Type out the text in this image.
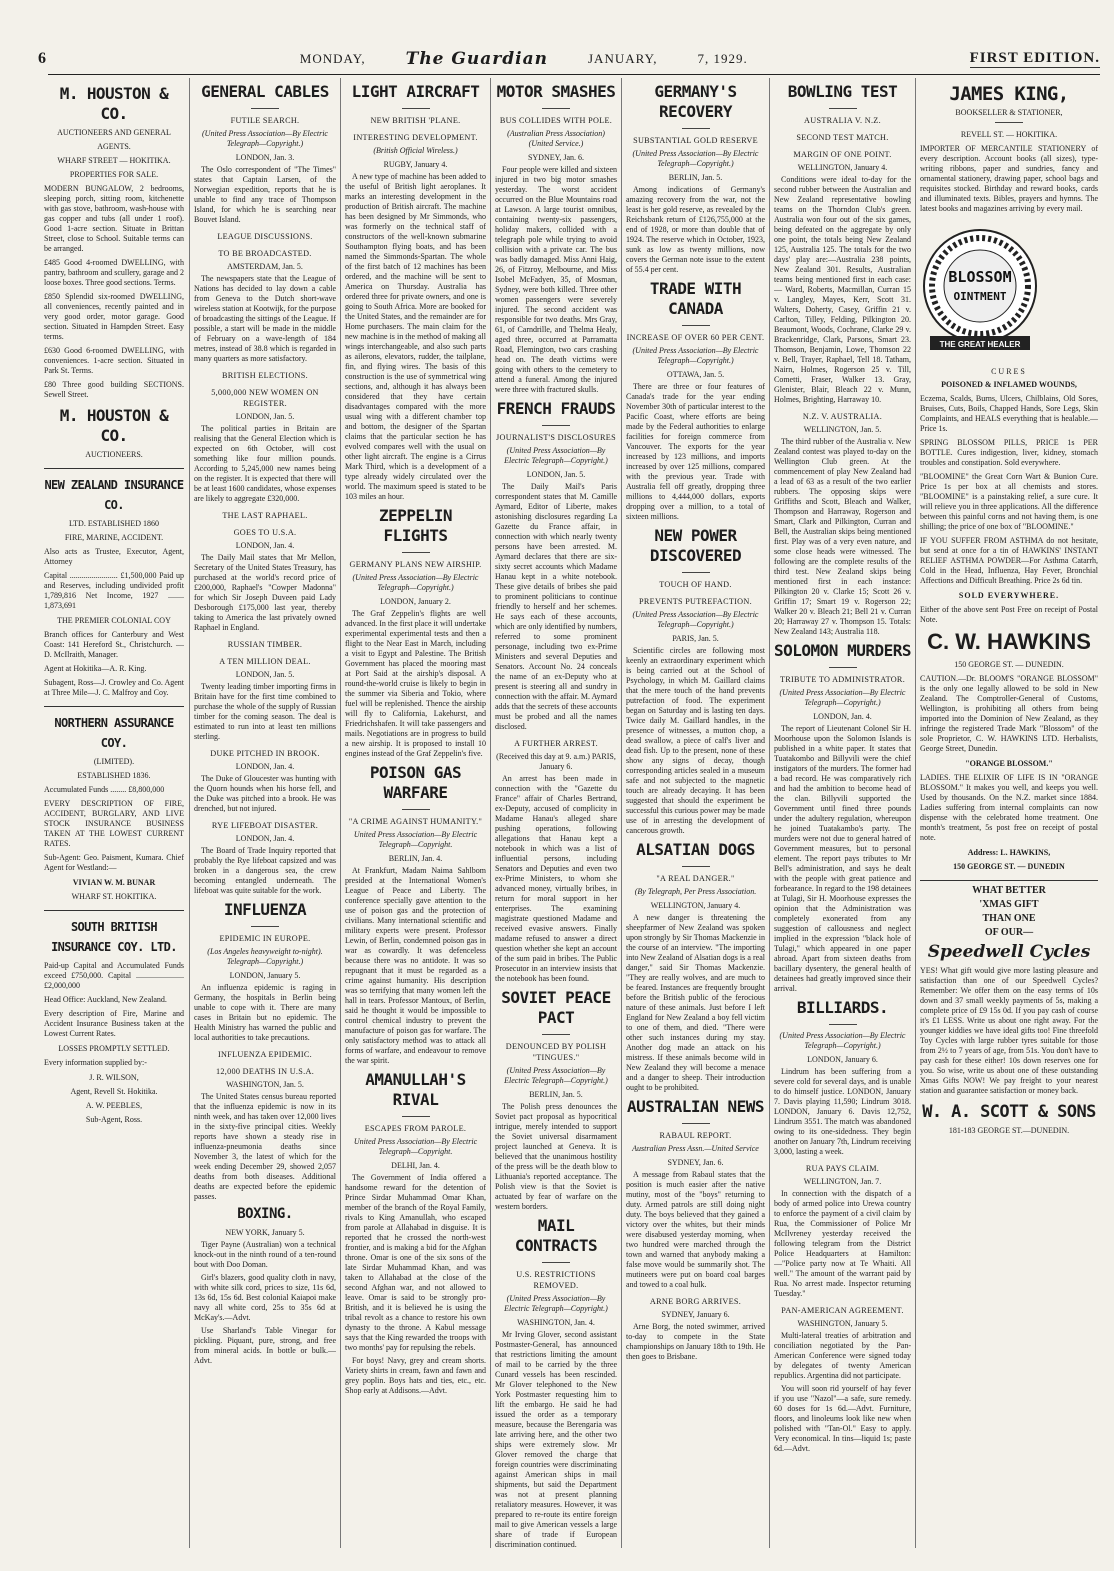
6	MONDAY, The Guardian	JANUARY,	7, 1929.	FIRST EDITION.
M. HOUSTON & CO.
AUCTIONEERS AND GENERAL
AGENTS.
WHARF STREET — HOKITIKA.
PROPERTIES FOR SALE.

MODERN BUNGALOW, 2 bedrooms, sleeping porch, sitting room, kitchenette with gas stove, bathroom, wash-house with gas copper and tubs (all under 1 roof). Good 1-acre section. Situate in Brittan Street, close to School. Suitable terms can be arranged.

£485 Good 4-roomed DWELLING, with pantry, bathroom and scullery, garage and 2 loose boxes. Three good sections. Terms.

£850 Splendid six-roomed DWELLING, all conveniences, recently painted and in very good order, motor garage. Good section. Situated in Hampden Street. Easy terms.

£630 Good 6-roomed DWELLING, with conveniences. 1-acre section. Situated in Park St. Terms.

£80 Three good building SECTIONS. Sewell Street.

M. HOUSTON & CO.
AUCTIONEERS.
NEW ZEALAND INSURANCE CO.
LTD. ESTABLISHED 1860
FIRE, MARINE, ACCIDENT.

Also acts as Trustee, Executor, Agent, Attorney

Capital ........................ £1,500,000 Paid up and Reserves, including undivided profit 1,789,816 Net Income, 1927 ........ 1,873,691

THE PREMIER COLONIAL COY

Branch offices for Canterbury and West Coast: 141 Hereford St., Christchurch. — D. McIlraith, Manager.

Agent at Hokitika—A. R. King.

Subagent, Ross—J. Crowley and Co. Agent at Three Mile—J. C. Malfroy and Coy.

NORTHERN ASSURANCE COY.
(LIMITED).
ESTABLISHED 1836.

Accumulated Funds ........ £8,800,000

EVERY DESCRIPTION OF FIRE, ACCIDENT, BURGLARY, AND LIVE STOCK INSURANCE BUSINESS TAKEN AT THE LOWEST CURRENT RATES.

Sub-Agent: Geo. Paisment, Kumara. Chief Agent for Westland:—

VIVIAN W. M. BUNAR
WHARF ST. HOKITIKA.
SOUTH BRITISH INSURANCE COY. LTD.

Paid-up Capital and Accumulated Funds exceed £750,000. Capital ........................ £2,000,000

Head Office: Auckland, New Zealand.

Every description of Fire, Marine and Accident Insurance Business taken at the Lowest Current Rates.

LOSSES PROMPTLY SETTLED.

Every information supplied by:-

J. R. WILSON,
Agent, Revell St. Hokitika.
A. W. PEEBLES,
Sub-Agent, Ross.
GENERAL CABLES
FUTILE SEARCH.
(United Press Association—By Electric Telegraph—Copyright.)
LONDON, Jan. 3.

The Oslo correspondent of "The Times" states that Captain Larsen, of the Norwegian expedition, reports that he is unable to find any trace of Thompson Island, for which he is searching near Bouvet Island.

LEAGUE DISCUSSIONS.
TO BE BROADCASTED.
AMSTERDAM, Jan. 5.

The newspapers state that the League of Nations has decided to lay down a cable from Geneva to the Dutch short-wave wireless station at Kootwijk, for the purpose of broadcasting the sittings of the League. If possible, a start will be made in the middle of February on a wave-length of 184 metres, instead of 38.8 which is regarded in many quarters as more satisfactory.

BRITISH ELECTIONS.
5,000,000 NEW WOMEN ON REGISTER.
LONDON, Jan. 5.

The political parties in Britain are realising that the General Election which is expected on 6th October, will cost something like four million pounds. According to 5,245,000 new names being on the register. It is expected that there will be at least 1600 candidates, whose expenses are likely to aggregate £320,000.

THE LAST RAPHAEL.
GOES TO U.S.A.
LONDON, Jan. 4.

The Daily Mail states that Mr Mellon, Secretary of the United States Treasury, has purchased at the world's record price of £200,000, Raphael's "Cowper Madonna" for which Sir Joseph Duveen paid Lady Desborough £175,000 last year, thereby taking to America the last privately owned Raphael in England.

RUSSIAN TIMBER.
A TEN MILLION DEAL.
LONDON, Jan. 5.

Twenty leading timber importing firms in Britain have for the first time combined to purchase the whole of the supply of Russian timber for the coming season. The deal is estimated to run into at least ten millions sterling.

DUKE PITCHED IN BROOK.
LONDON, Jan. 4.

The Duke of Gloucester was hunting with the Quorn hounds when his horse fell, and the Duke was pitched into a brook. He was drenched, but not injured.

RYE LIFEBOAT DISASTER.
LONDON, Jan. 4.

The Board of Trade Inquiry reported that probably the Rye lifeboat capsized and was broken in a dangerous sea, the crew becoming entangled underneath. The lifeboat was quite suitable for the work.

INFLUENZA
EPIDEMIC IN EUROPE.
(Los Angeles heavyweight to-night). Telegraph—Copyright.)
LONDON, January 5.

An influenza epidemic is raging in Germany, the hospitals in Berlin being unable to cope with it. There are many cases in Britain but no epidemic. The Health Ministry has warned the public and local authorities to take precautions.

INFLUENZA EPIDEMIC.
12,000 DEATHS IN U.S.A.
WASHINGTON, Jan. 5.

The United States census bureau reported that the influenza epidemic is now in its ninth week, and has taken over 12,000 lives in the sixty-five principal cities. Weekly reports have shown a steady rise in influenza-pneumonia deaths since November 3, the latest of which for the week ending December 29, showed 2,057 deaths from both diseases. Additional deaths are expected before the epidemic passes.

BOXING.
NEW YORK, January 5.

Tiger Payne (Australian) won a technical knock-out in the ninth round of a ten-round bout with Doo Doman.

Girl's blazers, good quality cloth in navy, with white silk cord, prices to size, 11s 6d, 13s 6d, 15s 6d. Best colonial Kaiapoi make navy all white cord, 25s to 35s 6d at McKay's.—Advt.

Use Sharland's Table Vinegar for pickling. Piquant, pure, strong, and free from mineral acids. In bottle or bulk.—Advt.

LIGHT AIRCRAFT
NEW BRITISH 'PLANE.
INTERESTING DEVELOPMENT.
(British Official Wireless.)
RUGBY, January 4.

A new type of machine has been added to the useful of British light aeroplanes. It marks an interesting development in the production of British aircraft. The machine has been designed by Mr Simmonds, who was formerly on the technical staff of constructors of the well-known submarine Southampton flying boats, and has been named the Simmonds-Spartan. The whole of the first batch of 12 machines has been ordered, and the machine will be sent to America on Thursday. Australia has ordered three for private owners, and one is going to South Africa. More are booked for the United States, and the remainder are for Home purchasers. The main claim for the new machine is in the method of making all wings interchangeable, and also such parts as ailerons, elevators, rudder, the tailplane, fin, and flying wires. The basis of this construction is the use of symmetrical wing sections, and, although it has always been considered that they have certain disadvantages compared with the more usual wing with a different chamber top and bottom, the designer of the Spartan claims that the particular section he has evolved compares well with the usual on other light aircraft. The engine is a Cirrus Mark Third, which is a development of a type already widely circulated over the world. The maximum speed is stated to be 103 miles an hour.

ZEPPELIN FLIGHTS
GERMANY PLANS NEW AIRSHIP.
(United Press Association—By Electric Telegraph—Copyright.)
LONDON, January 2.

The Graf Zeppelin's flights are well advanced. In the first place it will undertake experimental experimental tests and then a flight to the Near East in March, including a visit to Egypt and Palestine. The British Government has placed the mooring mast at Port Said at the airship's disposal. A round-the-world cruise is likely to begin in the summer via Siberia and Tokio, where fuel will be replenished. Thence the airship will fly to California, Lakehurst, and Friedrichshafen. It will take passengers and mails. Negotiations are in progress to build a new airship. It is proposed to install 10 engines instead of the Graf Zeppelin's five.

POISON GAS WARFARE
"A CRIME AGAINST HUMANITY."
United Press Association—By Electric Telegraph—Copyright.
BERLIN, Jan. 4.

At Frankfurt, Madam Naima Sahlbom presided at the International Women's League of Peace and Liberty. The conference specially gave attention to the use of poison gas and the protection of civilians. Many international scientific and military experts were present. Professor Lewin, of Berlin, condemned poison gas in war as cowardly. It was defenceless because there was no antidote. It was so repugnant that it must be regarded as a crime against humanity. His description was so terrifying that many women left the hall in tears. Professor Mantoux, of Berlin, said he thought it would be impossible to control chemical industry to prevent the manufacture of poison gas for warfare. The only satisfactory method was to attack all forms of warfare, and endeavour to remove the war spirit.

AMANULLAH'S RIVAL
ESCAPES FROM PAROLE.
United Press Association—By Electric Telegraph—Copyright.
DELHI, Jan. 4.

The Government of India offered a handsome reward for the detention of Prince Sirdar Muhammad Omar Khan, member of the branch of the Royal Family, rivals to King Amanullah, who escaped from parole at Allahabad in disguise. It is reported that he crossed the north-west frontier, and is making a bid for the Afghan throne. Omar is one of the six sons of the late Sirdar Muhammad Khan, and was taken to Allahabad at the close of the second Afghan war, and not allowed to leave. Omar is said to be strongly pro-British, and it is believed he is using the tribal revolt as a chance to restore his own dynasty to the throne. A Kabul message says that the King rewarded the troops with two months' pay for repulsing the rebels.

For boys! Navy, grey and cream shorts. Variety shirts in cream, fawn and fawn and grey poplin. Boys hats and ties, etc., etc. Shop early at Addisons.—Advt.

MOTOR SMASHES
BUS COLLIDES WITH POLE.
(Australian Press Association) (United Service.)
SYDNEY, Jan. 6.

Four people were killed and sixteen injured in two big motor smashes yesterday. The worst accident occurred on the Blue Mountains road at Lawson. A large tourist omnibus, containing twenty-six passengers, holiday makers, collided with a telegraph pole while trying to avoid collision with a private car. The bus was badly damaged. Miss Anni Haig, 26, of Fitzroy, Melbourne, and Miss Isobel McFadyen, 35, of Mosman, Sydney, were both killed. Three other women passengers were severely injured. The second accident was responsible for two deaths. Mrs Gray, 61, of Carndrille, and Thelma Healy, aged three, occurred at Parramatta Road, Flemington, two cars crashing head on. The death victims were going with others to the cemetery to attend a funeral. Among the injured were three with fractured skulls.

FRENCH FRAUDS
JOURNALIST'S DISCLOSURES
(United Press Association—By Electric Telegraph—Copyright.)
LONDON, Jan. 5.

The Daily Mail's Paris correspondent states that M. Camille Aymard, Editor of Liberte, makes astonishing disclosures regarding La Gazette du France affair, in connection with which nearly twenty persons have been arrested. M. Aymard declares that there are six-sixty secret accounts which Madame Hanau kept in a white notebook. These give details of bribes she paid to prominent politicians to continue friendly to herself and her schemes. He says each of these accounts, which are only identified by numbers, referred to some prominent personage, including two ex-Prime Ministers and several Deputies and Senators. Account No. 24 conceals the name of an ex-Deputy who at present is steering all and sundry in connection with the affair. M. Aymard adds that the secrets of these accounts must be probed and all the names disclosed.

A FURTHER ARREST.
(Received this day at 9. a.m.) PARIS, January 6.

An arrest has been made in connection with the "Gazette du France" affair of Charles Bertrand, ex-Deputy, accused of complicity in Madame Hanau's alleged share pushing operations, following allegations that Hanau kept a notebook in which was a list of influential persons, including Senators and Deputies and even two ex-Prime Ministers, to whom she advanced money, virtually bribes, in return for moral support in her enterprises. The examining magistrate questioned Madame and received evasive answers. Finally madame refused to answer a direct question whether she kept an account of the sum paid in bribes. The Public Prosecutor in an interview insists that the notebook has been found.

SOVIET PEACE PACT
DENOUNCED BY POLISH "TINGUES."
(United Press Association—By Electric Telegraph—Copyright.)
BERLIN, Jan. 5.

The Polish press denounces the Soviet pact proposal as hypocritical intrigue, merely intended to support the Soviet universal disarmament project launched at Geneva. It is believed that the unanimous hostility of the press will be the death blow to Lithuania's reported acceptance. The Polish view is that the Soviet is actuated by fear of warfare on the western borders.

MAIL CONTRACTS
U.S. RESTRICTIONS REMOVED.
(United Press Association—By Electric Telegraph—Copyright.)
WASHINGTON, Jan. 4.

Mr Irving Glover, second assistant Postmaster-General, has announced that restrictions limiting the amount of mail to be carried by the three Cunard vessels has been rescinded. Mr Glover telephoned to the New York Postmaster requesting him to lift the embargo. He said he had issued the order as a temporary measure, because the Berengaria was late arriving here, and the other two ships were extremely slow. Mr Glover removed the charge that foreign countries were discriminating against American ships in mail shipments, but said the Department was not at present planning retaliatory measures. However, it was prepared to re-route its entire foreign mail to give American vessels a large share of trade if European discrimination continued.

GERMANY'S RECOVERY
SUBSTANTIAL GOLD RESERVE
(United Press Association—By Electric Telegraph—Copyright.)
BERLIN, Jan. 5.

Among indications of Germany's amazing recovery from the war, not the least is her gold reserve, as revealed by the Reichsbank return of £126,755,000 at the end of 1928, or more than double that of 1924. The reserve which in October, 1923, sunk as low as twenty millions, now covers the German note issue to the extent of 55.4 per cent.

TRADE WITH CANADA
INCREASE OF OVER 60 PER CENT.
(United Press Association—By Electric Telegraph—Copyright.)
OTTAWA, Jan. 5.

There are three or four features of Canada's trade for the year ending November 30th of particular interest to the Pacific Coast, where efforts are being made by the Federal authorities to enlarge facilities for foreign commerce from Vancouver. The exports for the year increased by 123 millions, and imports increased by over 125 millions, compared with the previous year. Trade with Australia fell off greatly, dropping three millions to 4,444,000 dollars, exports dropping over a million, to a total of sixteen millions.

NEW POWER DISCOVERED
TOUCH OF HAND.
PREVENTS PUTREFACTION.
(United Press Association—By Electric Telegraph—Copyright.)
PARIS, Jan. 5.

Scientific circles are following most keenly an extraordinary experiment which is being carried out at the School of Psychology, in which M. Gaillard claims that the mere touch of the hand prevents putrefaction of food. The experiment began on Saturday and is lasting ten days. Twice daily M. Gaillard handles, in the presence of witnesses, a mutton chop, a dead swallow, a piece of calf's liver and dead fish. Up to the present, none of these show any signs of decay, though corresponding articles sealed in a museum safe and not subjected to the magnetic touch are already decaying. It has been suggested that should the experiment be successful this curious power may be made use of in arresting the development of cancerous growth.

ALSATIAN DOGS
"A REAL DANGER."
(By Telegraph, Per Press Association.
WELLINGTON, January 4.

A new danger is threatening the sheepfarmer of New Zealand was spoken upon strongly by Sir Thomas Mackenzie in the course of an interview. "The importing into New Zealand of Alsatian dogs is a real danger," said Sir Thomas Mackenzie. "They are really wolves, and are much to be feared. Instances are frequently brought before the British public of the ferocious nature of these animals. Just before I left England for New Zealand a boy fell victim to one of them, and died. "There were other such instances during my stay. Another dog made an attack on his mistress. If these animals become wild in New Zealand they will become a menace and a danger to sheep. Their introduction ought to be prohibited.

AUSTRALIAN NEWS
RABAUL REPORT.
Australian Press Assn.—United Service
SYDNEY, Jan. 6.

A message from Rabaul states that the position is much easier after the native mutiny, most of the "boys" returning to duty. Armed patrols are still doing night duty. The boys believed that they gained a victory over the whites, but their minds were disabused yesterday morning, when two hundred were marched through the town and warned that anybody making a false move would be summarily shot. The mutineers were put on board coal barges and towed to a coal hulk.

ARNE BORG ARRIVES.
SYDNEY, January 6.

Arne Borg, the noted swimmer, arrived to-day to compete in the State championships on January 18th to 19th. He then goes to Brisbane.

BOWLING TEST
AUSTRALIA V. N.Z.
SECOND TEST MATCH.
MARGIN OF ONE POINT.
WELLINGTON, January 4.

Conditions were ideal to-day for the second rubber between the Australian and New Zealand representative bowling teams on the Thorndon Club's green. Australia won four out of the six games, being defeated on the aggregate by only one point, the totals being New Zealand 125, Australia 125. The totals for the two days' play are:—Australia 238 points, New Zealand 301. Results, Australian teams being mentioned first in each case:— Ward, Roberts, Macmillan, Curran 15 v. Langley, Mayes, Kerr, Scott 31. Walters, Doherty, Casey, Griffin 21 v. Carlton, Tilley, Felding, Pilkington 20. Beaumont, Woods, Cochrane, Clarke 29 v. Brackenridge, Clark, Parsons, Smart 23. Thomson, Benjamin, Lowe, Thomson 22 v. Bell, Trayer, Raphael, Tell 18. Tatham, Nairn, Holmes, Rogerson 25 v. Till, Cometti, Fraser, Walker 13. Gray, Glenister, Blair, Bleach 22 v. Munn, Holmes, Brighting, Harraway 10.

N.Z. V. AUSTRALIA.
WELLINGTON, Jan. 5.

The third rubber of the Australia v. New Zealand contest was played to-day on the Wellington Club green. At the commencement of play New Zealand had a lead of 63 as a result of the two earlier rubbers. The opposing skips were Griffiths and Scott, Bleach and Walker, Thompson and Harraway, Rogerson and Smart, Clark and Pilkington, Curran and Bell, the Australian skips being mentioned first. Play was of a very even nature, and some close heads were witnessed. The following are the complete results of the third test. New Zealand skips being mentioned first in each instance: Pilkington 20 v. Clarke 15; Scott 26 v. Griffin 17; Smart 19 v. Rogerson 22; Walker 20 v. Bleach 21; Bell 21 v. Curran 20; Harraway 27 v. Thompson 15. Totals: New Zealand 143; Australia 118.

SOLOMON MURDERS
TRIBUTE TO ADMINISTRATOR.
(United Press Association—By Electric Telegraph—Copyright.)
LONDON, Jan. 4.

The report of Lieutenant Colonel Sir H. Moorhouse upon the Solomon Islands is published in a white paper. It states that Tuatakombo and Billyvili were the chief instigators of the murders. The former had a bad record. He was comparatively rich and had the ambition to become head of the clan. Billyvili supported the Government until fined three pounds under the adultery regulation, whereupon he joined Tuatakambo's party. The murders were not due to general hatred of Government measures, but to personal element. The report pays tributes to Mr Bell's administration, and says he dealt with the people with great patience and forbearance. In regard to the 198 detainees at Tulagi, Sir H. Moorhouse expresses the opinion that the Administration was completely exonerated from any suggestion of callousness and neglect implied in the expression "black hole of Tulagi," which appeared in one paper abroad. Apart from sixteen deaths from bacillary dysentery, the general health of detainees had greatly improved since their arrival.

BILLIARDS.
(United Press Association—By Electric Telegraph—Copyright.)
LONDON, January 6.

Lindrum has been suffering from a severe cold for several days, and is unable to do himself justice. LONDON, January 7. Davis playing 11,590; Lindrum 3018. LONDON, January 6. Davis 12,752, Lindrum 3551. The match was abandoned owing to its one-sidedness. They begin another on January 7th, Lindrum receiving 3,000, lasting a week.

RUA PAYS CLAIM.
WELLINGTON, Jan. 7.

In connection with the dispatch of a body of armed police into Urewa country to enforce the payment of a civil claim by Rua, the Commissioner of Police Mr McIlvreney yesterday received the following telegram from the District Police Headquarters at Hamilton:—"Police party now at Te Whaiti. All well." The amount of the warrant paid by Rua. No arrest made. Inspector returning Tuesday."

PAN-AMERICAN AGREEMENT.
WASHINGTON, January 5.

Multi-lateral treaties of arbitration and conciliation negotiated by the Pan-American Conference were signed today by delegates of twenty American republics. Argentina did not participate.

You will soon rid yourself of hay fever if you use "Nazol"—a safe, sure remedy. 60 doses for 1s 6d.—Advt. Furniture, floors, and linoleums look like new when polished with "Tan-Ol." Easy to apply. Very economical. In tins—liquid 1s; paste 6d.—Advt.

JAMES KING,
BOOKSELLER & STATIONER,
REVELL ST. — HOKITIKA.

IMPORTER OF MERCANTILE STATIONERY of every description. Account books (all sizes), type-writing ribbons, paper and sundries, fancy and ornamental stationery, drawing paper, school bags and requisites stocked. Birthday and reward books, cards and illuminated texts. Bibles, prayers and hymns. The latest books and magazines arriving by every mail.

BLOSSOM
OINTMENT
THE GREAT HEALER
CURES
POISONED & INFLAMED WOUNDS,

Eczema, Scalds, Burns, Ulcers, Chilblains, Old Sores, Bruises, Cuts, Boils, Chapped Hands, Sore Legs, Skin Complaints, and HEALS everything that is healable.—Price 1s.

SPRING BLOSSOM PILLS, PRICE 1s PER BOTTLE. Cures indigestion, liver, kidney, stomach troubles and constipation. Sold everywhere.

"BLOOMINE" the Great Corn Wart & Bunion Cure. Price 1s per box at all chemists and stores. "BLOOMINE" is a painstaking relief, a sure cure. It will relieve you in three applications. All the difference between this painful corns and not having them, is one shilling; the price of one box of "BLOOMINE."

IF YOU SUFFER FROM ASTHMA do not hesitate, but send at once for a tin of HAWKINS' INSTANT RELIEF ASTHMA POWDER—For Asthma Catarrh, Cold in the Head, Influenza, Hay Fever, Bronchial Affections and Difficult Breathing. Price 2s 6d tin.

SOLD EVERYWHERE.

Either of the above sent Post Free on receipt of Postal Note.

C. W. HAWKINS
150 GEORGE ST. — DUNEDIN.

CAUTION.—Dr. BLOOM'S "ORANGE BLOSSOM" is the only one legally allowed to be sold in New Zealand. The Comptroller-General of Customs, Wellington, is prohibiting all others from being imported into the Dominion of New Zealand, as they infringe the registered Trade Mark "Blossom" of the sole Proprietor, C. W. HAWKINS LTD. Herbalists, George Street, Dunedin.

"ORANGE BLOSSOM."

LADIES. THE ELIXIR OF LIFE IS IN "ORANGE BLOSSOM." It makes you well, and keeps you well. Used by thousands. On the N.Z. market since 1884. Ladies suffering from internal complaints can now dispense with the celebrated home treatment. One month's treatment, 5s post free on receipt of postal note.

Address: L. HAWKINS,
150 GEORGE ST. — DUNEDIN
WHAT BETTER
'XMAS GIFT
THAN ONE
OF OUR—
Speedwell Cycles

YES! What gift would give more lasting pleasure and satisfaction than one of our Speedwell Cycles? Remember: We offer them on the easy terms of 10s down and 37 small weekly payments of 5s, making a complete price of £9 15s 0d. If you pay cash of course it's £1 LESS. Write us about one right away. For the younger kiddies we have ideal gifts too! Fine threefold Toy Cycles with large rubber tyres suitable for those from 2½ to 7 years of age, from 51s. You don't have to pay cash for these either! 10s down reserves one for you. So wise, write us about one of these outstanding Xmas Gifts NOW! We pay freight to your nearest station and guarantee satisfaction or money back.

W. A. SCOTT & SONS
181-183 GEORGE ST.—DUNEDIN.
